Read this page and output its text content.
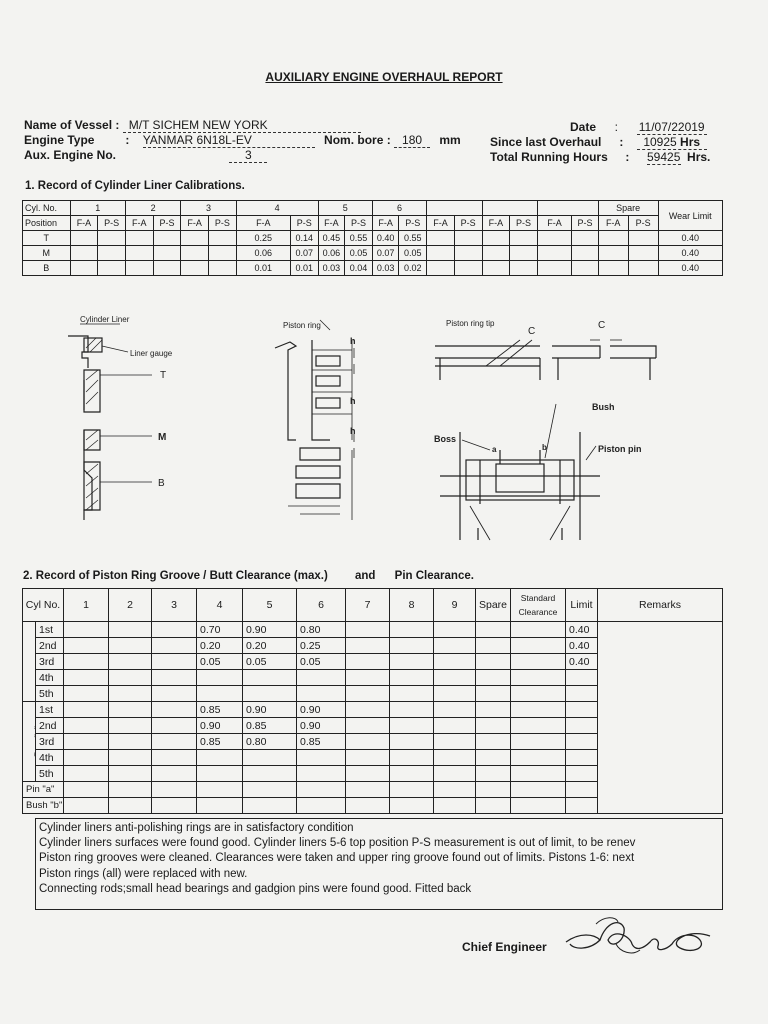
AUXILIARY ENGINE OVERHAUL REPORT
Name of Vessel : M/T SICHEM NEW YORK
Engine Type	: YANMAR 6N18L-EV	Nom. bore : 180 mm
Aux. Engine No.	3
Date : 11/07/22019
Since last Overhaul : 10925 Hrs
Total Running Hours : 59425 Hrs.
1. Record of Cylinder Liner Calibrations.
Cyl. No.	1		2		3		4		5		6								Spare		Wear Limit
Position	F-A	P-S	F-A	P-S	F-A	P-S	F-A	P-S	F-A	P-S	F-A	P-S	F-A	P-S	F-A	P-S	F-A	P-S	F-A	P-S	
T							0.25	0.14	0.45	0.55	0.40	0.55									0.40
M							0.06	0.07	0.06	0.05	0.07	0.05									0.40
B							0.01	0.01	0.03	0.04	0.03	0.02									0.40
Cylinder Liner
Liner gauge
T
M
B
Piston ring
h
h
h
Piston ring tip
C
C
Bush
Boss
a	b	Piston pin
2. Record of Piston Ring Groove / Butt Clearance (max.) and Pin Clearance.
Cyl No.		1	2	3	4	5	6	7	8	9	Spare	Standard
Clearance	Limit	Remarks
	1st				0.70	0.90	0.80						0.40	
	2nd				0.20	0.20	0.25						0.40	
	3rd				0.05	0.05	0.05						0.40	
	4th													
	5th													
Butt "c"	1st				0.85	0.90	0.90							
	2nd				0.90	0.85	0.90							
	3rd				0.85	0.80	0.85							
	4th													
	5th													
Pin "a"														
Bush "b"														
Cylinder liners anti-polishing rings are in satisfactory condition
Cylinder liners surfaces were found good. Cylinder liners 5-6 top position P-S measurement is out of limit, to be renev
Piston ring grooves were cleaned. Clearances were taken and upper ring groove found out of limits. Pistons 1-6: next
Piston rings (all) were replaced with new.
Connecting rods;small head bearings and gadgion pins were found good. Fitted back
Chief Engineer
